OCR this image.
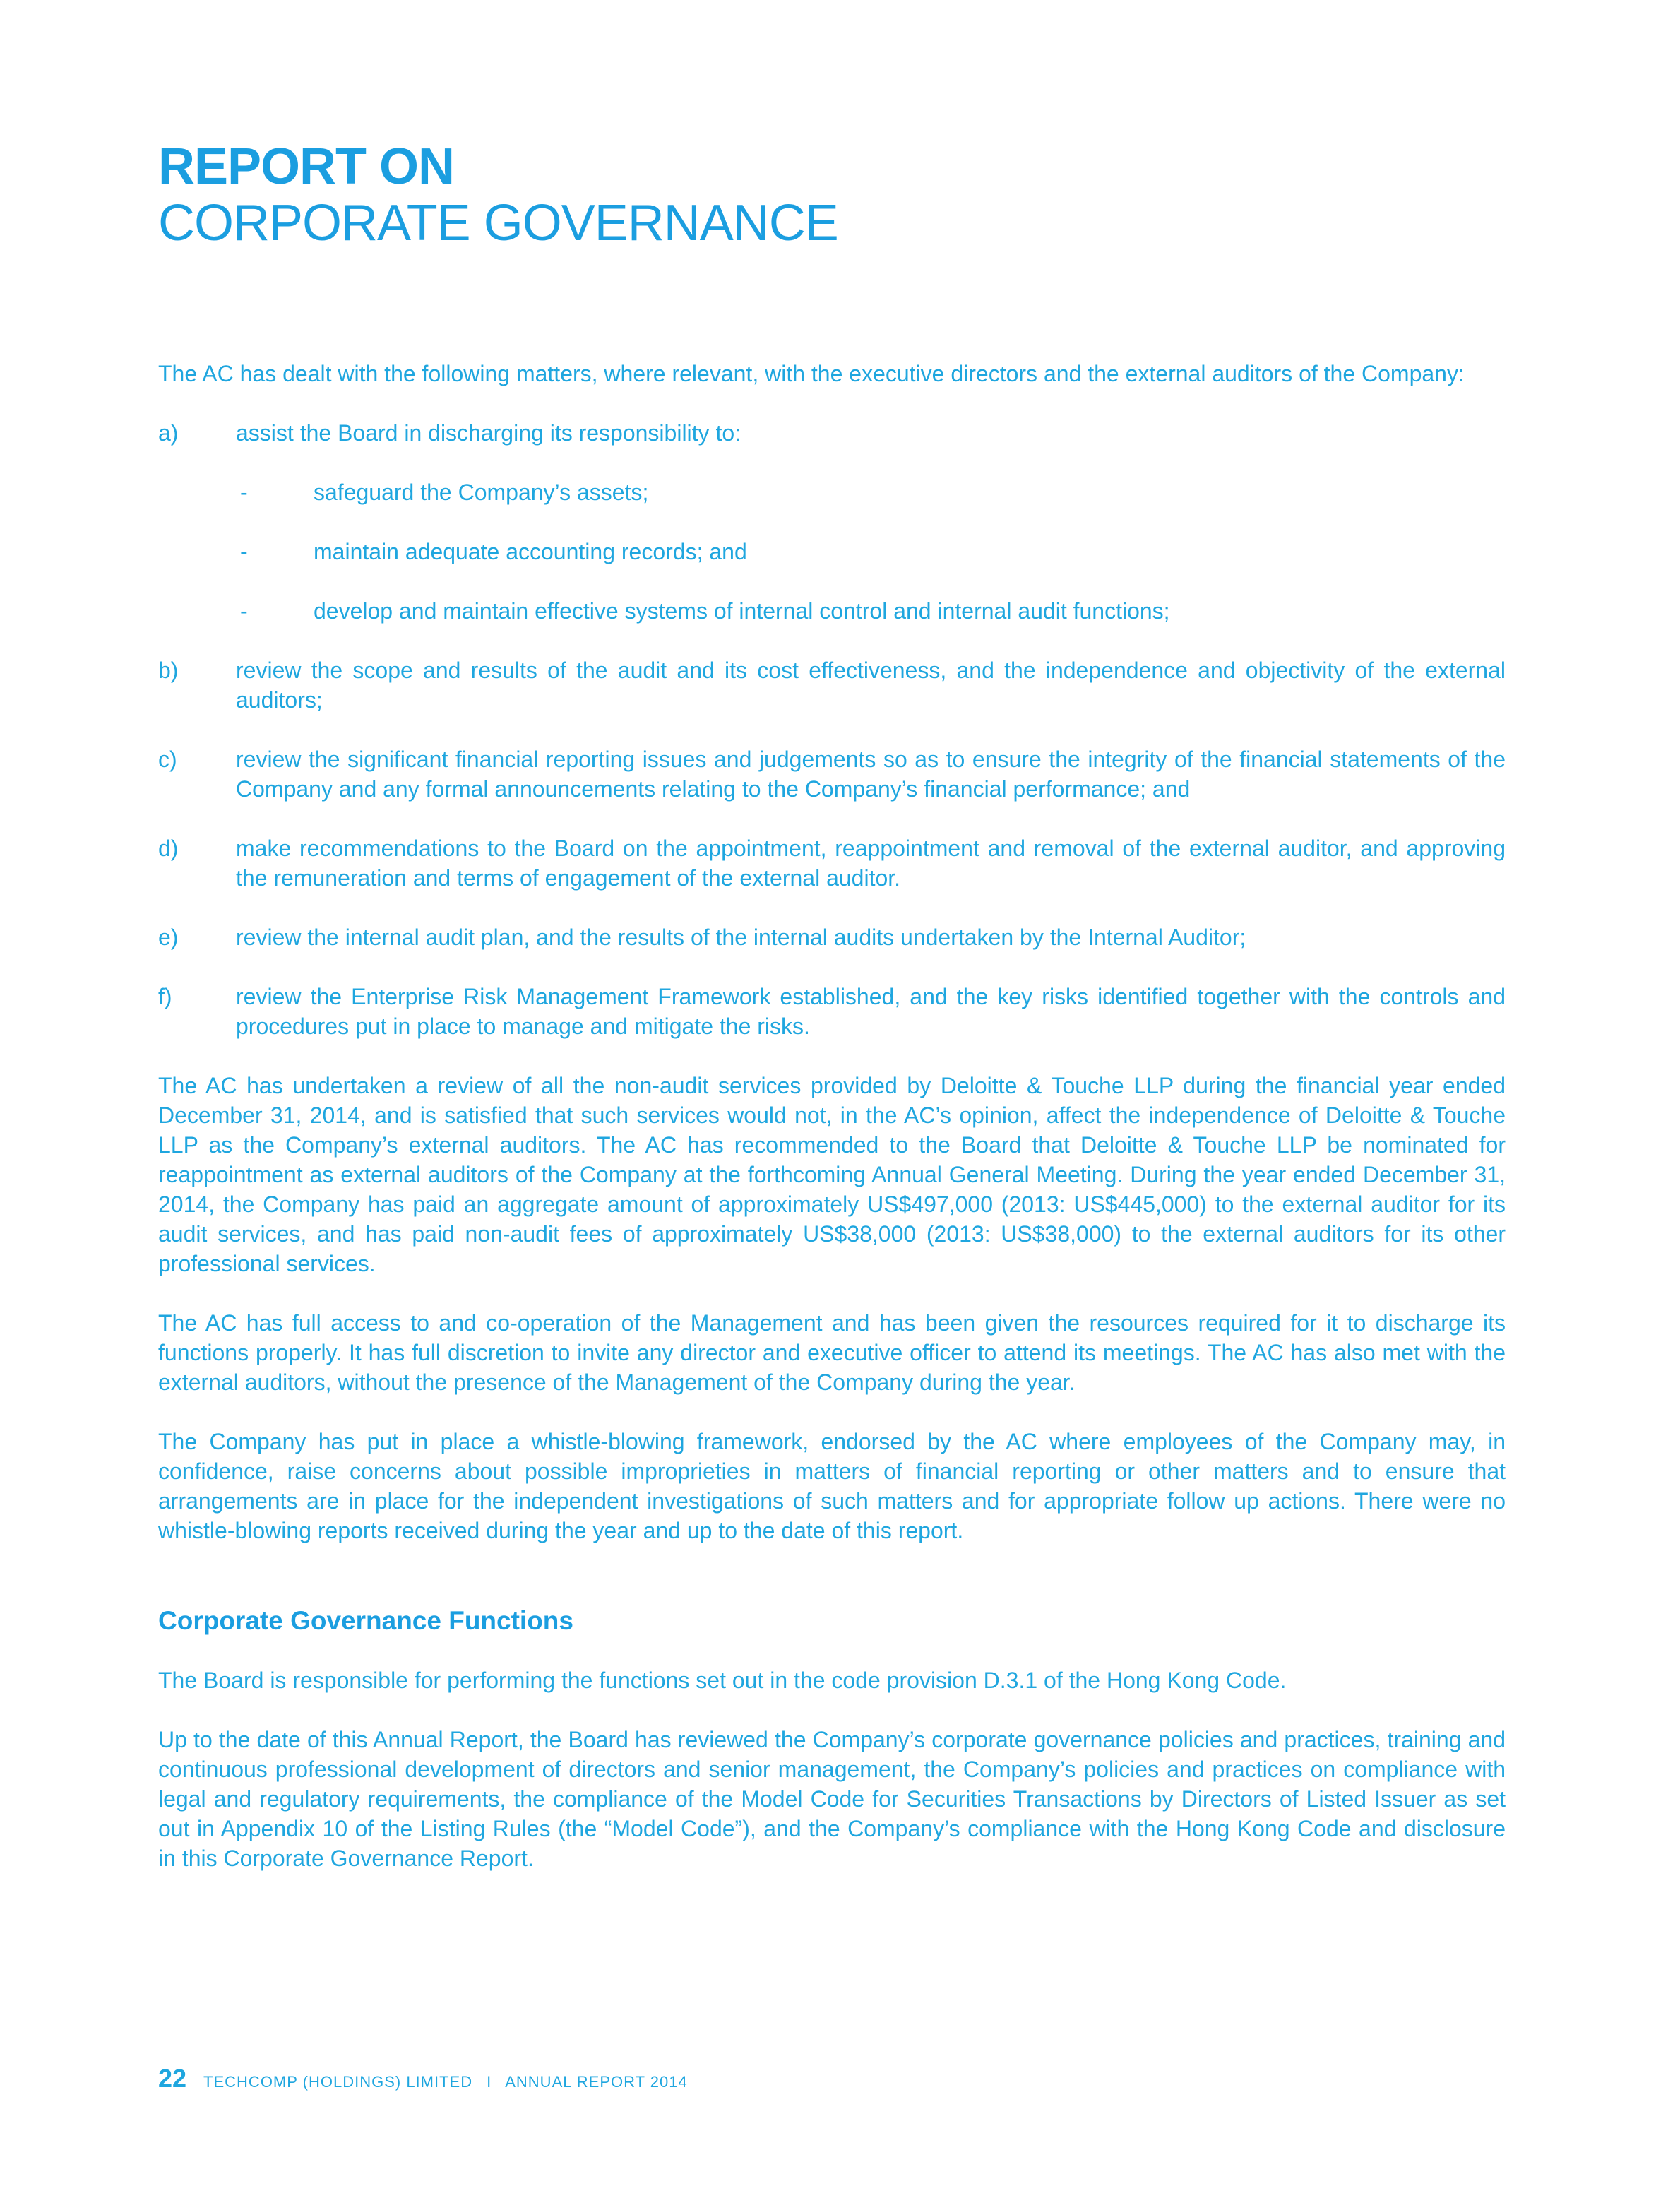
REPORT ON
CORPORATE GOVERNANCE

The AC has dealt with the following matters, where relevant, with the executive directors and the external auditors of the Company:

a)	assist the Board in discharging its responsibility to:
-	safeguard the Company’s assets;
-	maintain adequate accounting records; and
-	develop and maintain effective systems of internal control and internal audit functions;
b)	review the scope and results of the audit and its cost effectiveness, and the independence and objectivity of the external auditors;
c)	review the significant financial reporting issues and judgements so as to ensure the integrity of the financial statements of the Company and any formal announcements relating to the Company’s financial performance; and
d)	make recommendations to the Board on the appointment, reappointment and removal of the external auditor, and approving the remuneration and terms of engagement of the external auditor.
e)	review the internal audit plan, and the results of the internal audits undertaken by the Internal Auditor;
f)	review the Enterprise Risk Management Framework established, and the key risks identified together with the controls and procedures put in place to manage and mitigate the risks.

The AC has undertaken a review of all the non-audit services provided by Deloitte & Touche LLP during the financial year ended December 31, 2014, and is satisfied that such services would not, in the AC’s opinion, affect the independence of Deloitte & Touche LLP as the Company’s external auditors. The AC has recommended to the Board that Deloitte & Touche LLP be nominated for reappointment as external auditors of the Company at the forthcoming Annual General Meeting. During the year ended December 31, 2014, the Company has paid an aggregate amount of approximately US$497,000 (2013: US$445,000) to the external auditor for its audit services, and has paid non-audit fees of approximately US$38,000 (2013: US$38,000) to the external auditors for its other professional services.

The AC has full access to and co-operation of the Management and has been given the resources required for it to discharge its functions properly. It has full discretion to invite any director and executive officer to attend its meetings. The AC has also met with the external auditors, without the presence of the Management of the Company during the year.

The Company has put in place a whistle-blowing framework, endorsed by the AC where employees of the Company may, in confidence, raise concerns about possible improprieties in matters of financial reporting or other matters and to ensure that arrangements are in place for the independent investigations of such matters and for appropriate follow up actions. There were no whistle-blowing reports received during the year and up to the date of this report.

Corporate Governance Functions

The Board is responsible for performing the functions set out in the code provision D.3.1 of the Hong Kong Code.

Up to the date of this Annual Report, the Board has reviewed the Company’s corporate governance policies and practices, training and continuous professional development of directors and senior management, the Company’s policies and practices on compliance with legal and regulatory requirements, the compliance of the Model Code for Securities Transactions by Directors of Listed Issuer as set out in Appendix 10 of the Listing Rules (the “Model Code”), and the Company’s compliance with the Hong Kong Code and disclosure in this Corporate Governance Report.

22 TECHCOMP (HOLDINGS) LIMITED I ANNUAL REPORT 2014
